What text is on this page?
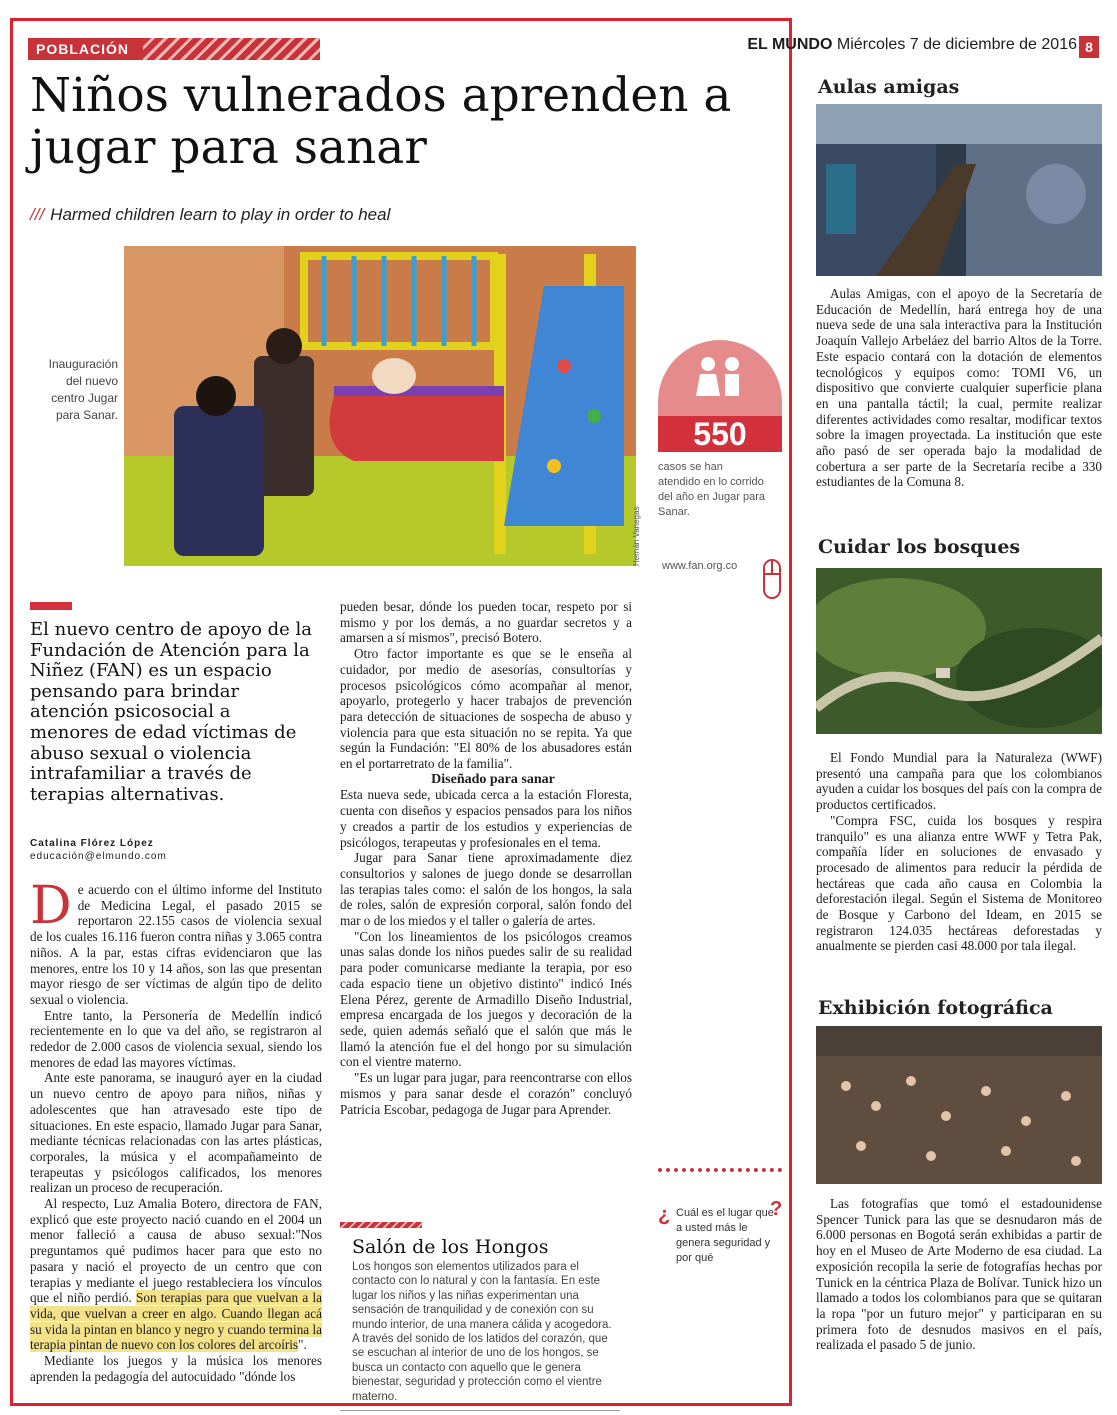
POBLACIÓN	EL MUNDO Miércoles 7 de diciembre de 2016 8
Niños vulnerados aprenden a jugar para sanar
/// Harmed children learn to play in order to heal
Inauguración del nuevo centro Jugar para Sanar.
Hernán Vanegas
550
casos se han atendido en lo corrido del año en Jugar para Sanar.
www.fan.org.co
El nuevo centro de apoyo de la Fundación de Atención para la Niñez (FAN) es un espacio pensando para brindar atención psicosocial a menores de edad víctimas de abuso sexual o violencia intrafamiliar a través de terapias alternativas.
Catalina Flórez López
educación@elmundo.com

De acuerdo con el último informe del Instituto de Medicina Legal, el pasado 2015 se reportaron 22.155 casos de violencia sexual de los cuales 16.116 fueron contra niñas y 3.065 contra niños. A la par, estas cifras evidenciaron que las menores, entre los 10 y 14 años, son las que presentan mayor riesgo de ser víctimas de algún tipo de delito sexual o violencia.

Entre tanto, la Personería de Medellín indicó recientemente en lo que va del año, se registraron al rededor de 2.000 casos de violencia sexual, siendo los menores de edad las mayores víctimas.

Ante este panorama, se inauguró ayer en la ciudad un nuevo centro de apoyo para niños, niñas y adolescentes que han atravesado este tipo de situaciones. En este espacio, llamado Jugar para Sanar, mediante técnicas relacionadas con las artes plásticas, corporales, la música y el acompañameinto de terapeutas y psicólogos calificados, los menores realizan un proceso de recuperación.

Al respecto, Luz Amalia Botero, directora de FAN, explicó que este proyecto nació cuando en el 2004 un menor falleció a causa de abuso sexual:"Nos preguntamos qué pudimos hacer para que esto no pasara y nació el proyecto de un centro que con terapias y mediante el juego restableciera los vínculos que el niño perdió. Son terapias para que vuelvan a la vida, que vuelvan a creer en algo. Cuando llegan acá su vida la pintan en blanco y negro y cuando termina la terapia pintan de nuevo con los colores del arcoíris".

Mediante los juegos y la música los menores aprenden la pedagogía del autocuidado "dónde los

pueden besar, dónde los pueden tocar, respeto por si mismo y por los demás, a no guardar secretos y a amarsen a sí mismos", precisó Botero.

Otro factor importante es que se le enseña al cuidador, por medio de asesorías, consultorías y procesos psicológicos cómo acompañar al menor, apoyarlo, protegerlo y hacer trabajos de prevención para detección de situaciones de sospecha de abuso y violencia para que esta situación no se repita. Ya que según la Fundación: "El 80% de los abusadores están en el portarretrato de la familia".

Diseñado para sanar

Esta nueva sede, ubicada cerca a la estación Floresta, cuenta con diseños y espacios pensados para los niños y creados a partir de los estudios y experiencias de psicólogos, terapeutas y profesionales en el tema.

Jugar para Sanar tiene aproximadamente diez consultorios y salones de juego donde se desarrollan las terapias tales como: el salón de los hongos, la sala de roles, salón de expresión corporal, salón fondo del mar o de los miedos y el taller o galería de artes.

"Con los lineamientos de los psicólogos creamos unas salas donde los niños puedes salir de su realidad para poder comunicarse mediante la terapia, por eso cada espacio tiene un objetivo distinto" indicó Inés Elena Pérez, gerente de Armadillo Diseño Industrial, empresa encargada de los juegos y decoración de la sede, quien además señaló que el salón que más le llamó la atención fue el del hongo por su simulación con el vientre materno.

"Es un lugar para jugar, para reencontrarse con ellos mismos y para sanar desde el corazón" concluyó Patricia Escobar, pedagoga de Jugar para Aprender.

Salón de los Hongos
Los hongos son elementos utilizados para el contacto con lo natural y con la fantasía. En este lugar los niños y las niñas experimentan una sensación de tranquilidad y de conexión con su mundo interior, de una manera cálida y acogedora. A través del sonido de los latidos del corazón, que se escuchan al interior de uno de los hongos, se busca un contacto con aquello que le genera bienestar, seguridad y protección como el vientre materno.
¿ Cuál es el lugar que a usted más le genera seguridad y por qué
?
Aulas amigas

Aulas Amigas, con el apoyo de la Secretaría de Educación de Medellín, hará entrega hoy de una nueva sede de una sala interactiva para la Institución Joaquín Vallejo Arbeláez del barrio Altos de la Torre. Este espacio contará con la dotación de elementos tecnológicos y equipos como: TOMI V6, un dispositivo que convierte cualquier superficie plana en una pantalla táctil; la cual, permite realizar diferentes actividades como resaltar, modificar textos sobre la imagen proyectada. La institución que este año pasó de ser operada bajo la modalidad de cobertura a ser parte de la Secretaría recibe a 330 estudiantes de la Comuna 8.

Cuidar los bosques

El Fondo Mundial para la Naturaleza (WWF) presentó una campaña para que los colombianos ayuden a cuidar los bosques del país con la compra de productos certificados.

"Compra FSC, cuida los bosques y respira tranquilo" es una alianza entre WWF y Tetra Pak, compañía líder en soluciones de envasado y procesado de alimentos para reducir la pérdida de hectáreas que cada año causa en Colombia la deforestación ilegal. Según el Sistema de Monitoreo de Bosque y Carbono del Ideam, en 2015 se registraron 124.035 hectáreas deforestadas y anualmente se pierden casi 48.000 por tala ilegal.

Exhibición fotográfica

Las fotografías que tomó el estadounidense Spencer Tunick para las que se desnudaron más de 6.000 personas en Bogotá serán exhibidas a partir de hoy en el Museo de Arte Moderno de esa ciudad. La exposición recopila la serie de fotografías hechas por Tunick en la céntrica Plaza de Bolívar. Tunick hizo un llamado a todos los colombianos para que se quitaran la ropa "por un futuro mejor" y participaran en su primera foto de desnudos masivos en el país, realizada el pasado 5 de junio.
